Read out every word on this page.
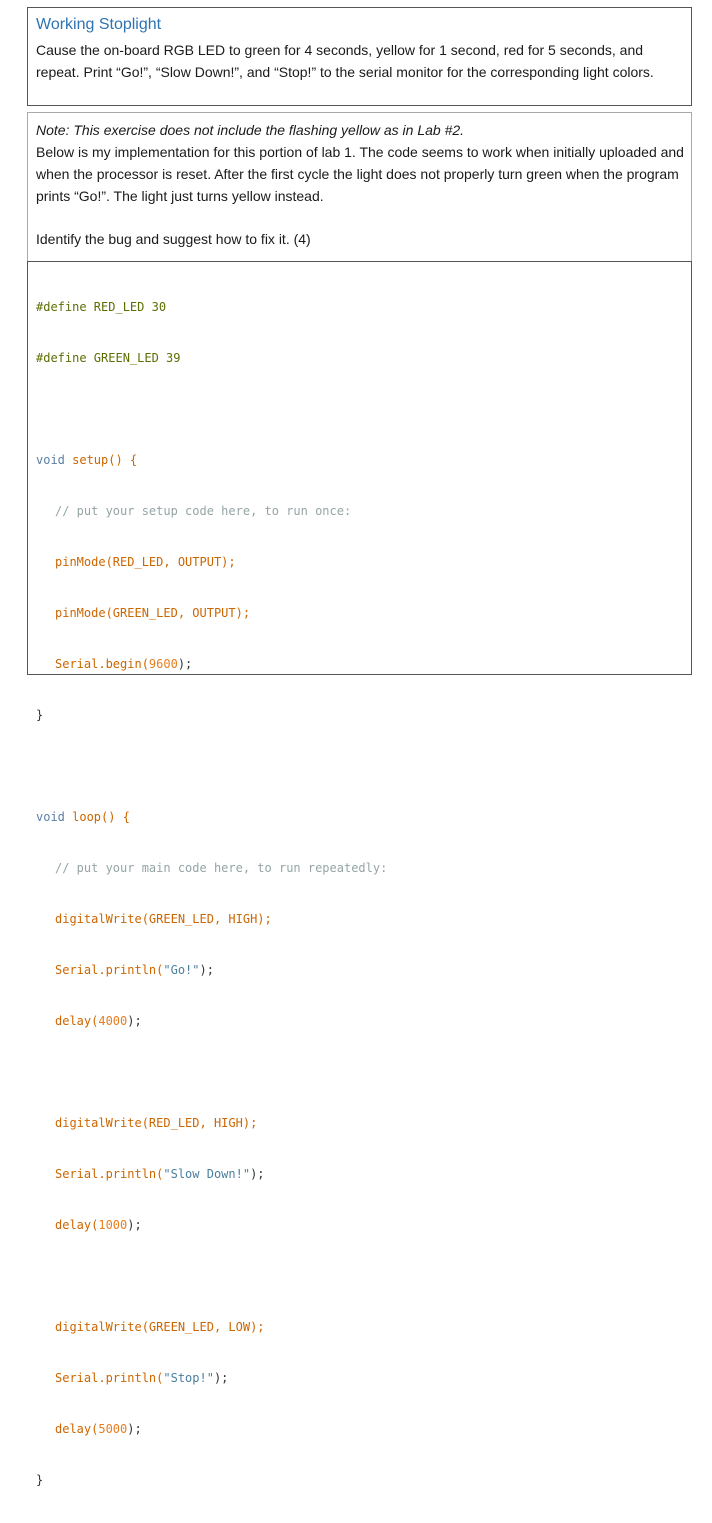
Working Stoplight
Cause the on-board RGB LED to green for 4 seconds, yellow for 1 second, red for 5 seconds, and repeat. Print “Go!”, “Slow Down!”, and “Stop!” to the serial monitor for the corresponding light colors.
Note: This exercise does not include the flashing yellow as in Lab #2.
Below is my implementation for this portion of lab 1. The code seems to work when initially uploaded and when the processor is reset. After the first cycle the light does not properly turn green when the program prints “Go!”. The light just turns yellow instead.
Identify the bug and suggest how to fix it. (4)

#define RED_LED 30

#define GREEN_LED 39

void setup() {

// put your setup code here, to run once:

pinMode(RED_LED, OUTPUT);

pinMode(GREEN_LED, OUTPUT);

Serial.begin(9600);

}

void loop() {

// put your main code here, to run repeatedly:

digitalWrite(GREEN_LED, HIGH);

Serial.println("Go!");

delay(4000);

digitalWrite(RED_LED, HIGH);

Serial.println("Slow Down!");

delay(1000);

digitalWrite(GREEN_LED, LOW);

Serial.println("Stop!");

delay(5000);

}
